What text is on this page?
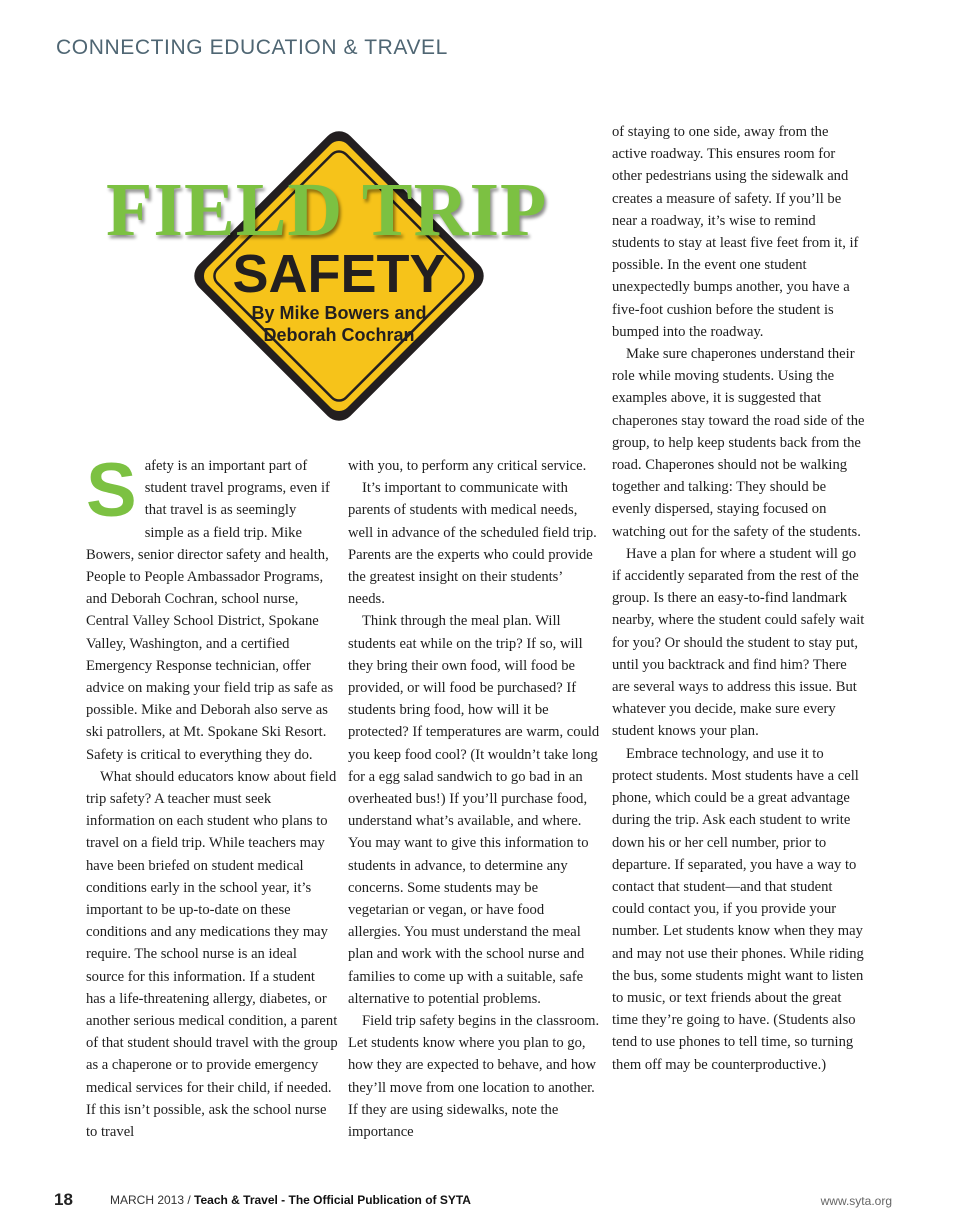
CONNECTING EDUCATION & TRAVEL
FIELD TRIP
SAFETY
By Mike Bowers and
Deborah Cochran

Safety is an important part of student travel programs, even if that travel is as seemingly simple as a field trip. Mike Bowers, senior director safety and health, People to People Ambassador Programs, and Deborah Cochran, school nurse, Central Valley School District, Spokane Valley, Washington, and a certified Emergency Response technician, offer advice on making your field trip as safe as possible. Mike and Deborah also serve as ski patrollers, at Mt. Spokane Ski Resort. Safety is critical to everything they do.

What should educators know about field trip safety? A teacher must seek information on each student who plans to travel on a field trip. While teachers may have been briefed on student medical conditions early in the school year, it’s important to be up-to-date on these conditions and any medications they may require. The school nurse is an ideal source for this information. If a student has a life-threatening allergy, diabetes, or another serious medical condition, a parent of that student should travel with the group as a chaperone or to provide emergency medical services for their child, if needed. If this isn’t possible, ask the school nurse to travel

with you, to perform any critical service.

It’s important to communicate with parents of students with medical needs, well in advance of the scheduled field trip. Parents are the experts who could provide the greatest insight on their students’ needs.

Think through the meal plan. Will students eat while on the trip? If so, will they bring their own food, will food be provided, or will food be purchased? If students bring food, how will it be protected? If temperatures are warm, could you keep food cool? (It wouldn’t take long for a egg salad sandwich to go bad in an overheated bus!) If you’ll purchase food, understand what’s available, and where. You may want to give this information to students in advance, to determine any concerns. Some students may be vegetarian or vegan, or have food allergies. You must understand the meal plan and work with the school nurse and families to come up with a suitable, safe alternative to potential problems.

Field trip safety begins in the classroom. Let students know where you plan to go, how they are expected to behave, and how they’ll move from one location to another. If they are using sidewalks, note the importance

of staying to one side, away from the active roadway. This ensures room for other pedestrians using the sidewalk and creates a measure of safety. If you’ll be near a roadway, it’s wise to remind students to stay at least five feet from it, if possible. In the event one student unexpectedly bumps another, you have a five-foot cushion before the student is bumped into the roadway.

Make sure chaperones understand their role while moving students. Using the examples above, it is suggested that chaperones stay toward the road side of the group, to help keep students back from the road. Chaperones should not be walking together and talking: They should be evenly dispersed, staying focused on watching out for the safety of the students.

Have a plan for where a student will go if accidently separated from the rest of the group. Is there an easy-to-find landmark nearby, where the student could safely wait for you? Or should the student to stay put, until you backtrack and find him? There are several ways to address this issue. But whatever you decide, make sure every student knows your plan.

Embrace technology, and use it to protect students. Most students have a cell phone, which could be a great advantage during the trip. Ask each student to write down his or her cell number, prior to departure. If separated, you have a way to contact that student—and that student could contact you, if you provide your number. Let students know when they may and may not use their phones. While riding the bus, some students might want to listen to music, or text friends about the great time they’re going to have. (Students also tend to use phones to tell time, so turning them off may be counterproductive.)

18	MARCH 2013 / Teach & Travel - The Official Publication of SYTA	www.syta.org
